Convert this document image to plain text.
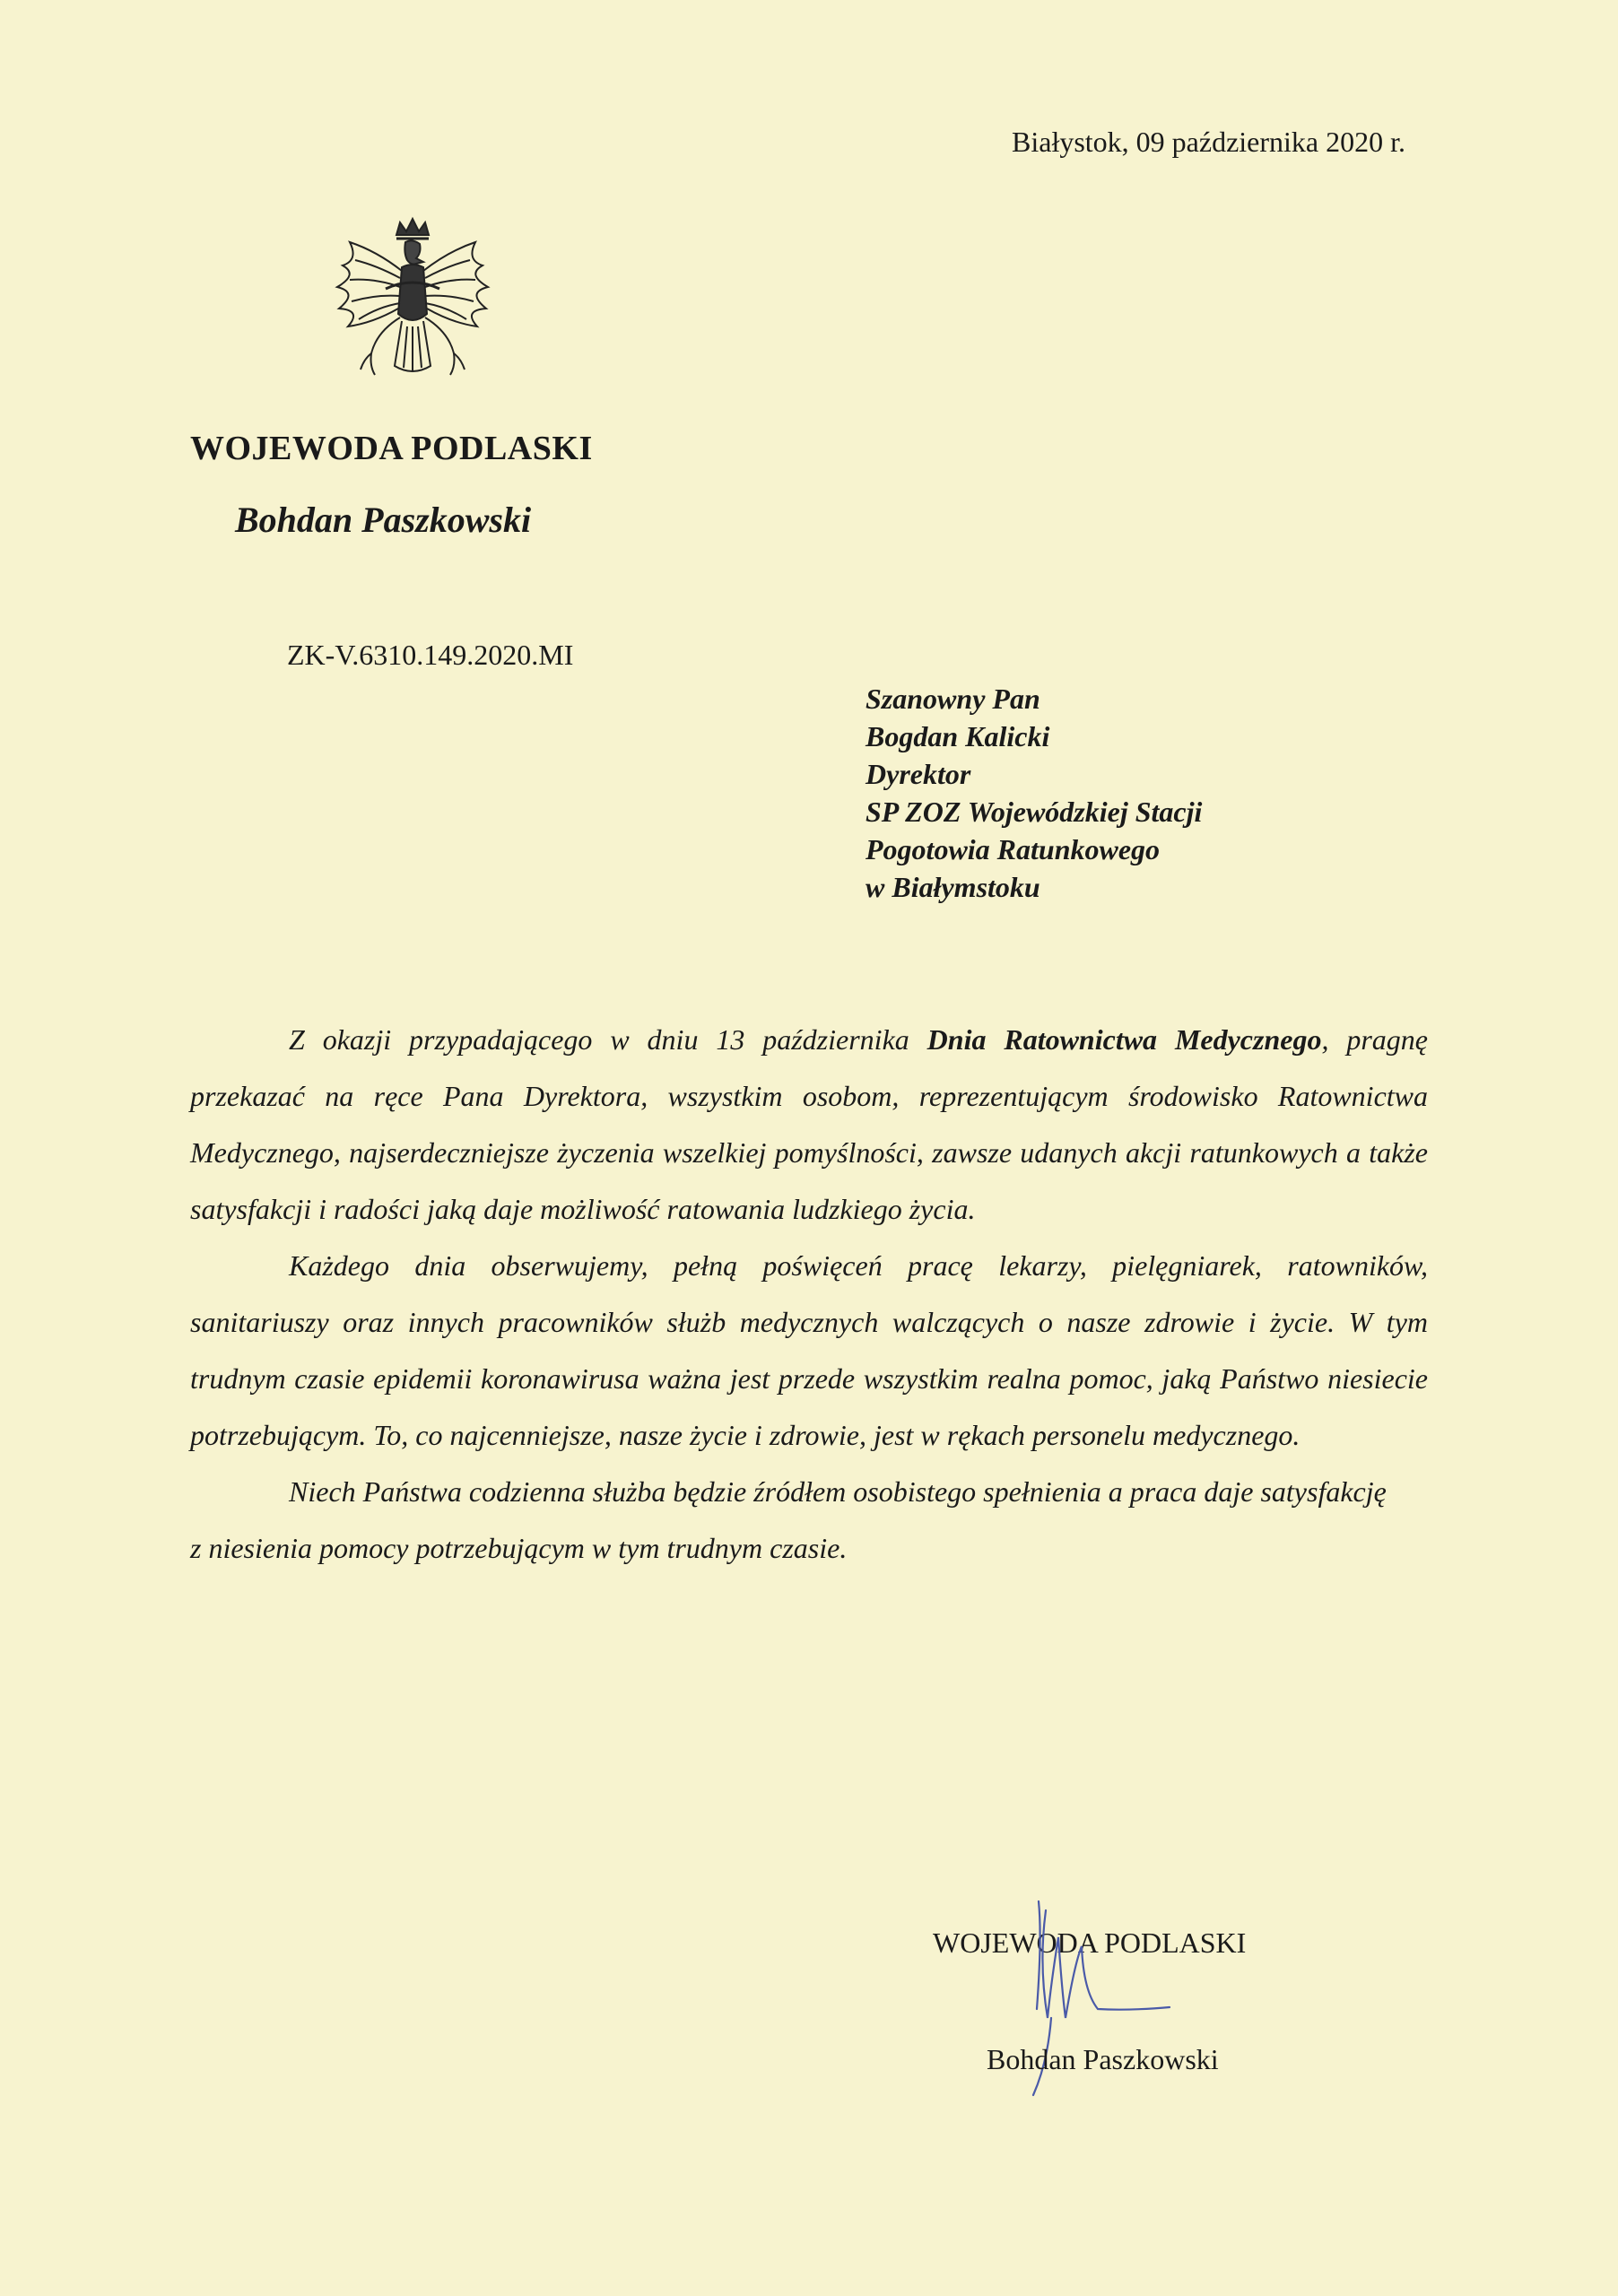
Białystok, 09 października 2020 r.
WOJEWODA PODLASKI
Bohdan Paszkowski
ZK-V.6310.149.2020.MI
Szanowny Pan
Bogdan Kalicki
Dyrektor
SP ZOZ Wojewódzkiej Stacji
Pogotowia Ratunkowego
w Białymstoku

Z okazji przypadającego w dniu 13 października Dnia Ratownictwa Medycznego, pragnę przekazać na ręce Pana Dyrektora, wszystkim osobom, reprezentującym środowisko Ratownictwa Medycznego, najserdeczniejsze życzenia wszelkiej pomyślności, zawsze udanych akcji ratunkowych a także satysfakcji i radości jaką daje możliwość ratowania ludzkiego życia.

Każdego dnia obserwujemy, pełną poświęceń pracę lekarzy, pielęgniarek, ratowników, sanitariuszy oraz innych pracowników służb medycznych walczących o nasze zdrowie i życie. W tym trudnym czasie epidemii koronawirusa ważna jest przede wszystkim realna pomoc, jaką Państwo niesiecie potrzebującym. To, co najcenniejsze, nasze życie i zdrowie, jest w rękach personelu medycznego.

Niech Państwa codzienna służba będzie źródłem osobistego spełnienia a praca daje satysfakcję

z niesienia pomocy potrzebującym w tym trudnym czasie.

WOJEWODA PODLASKI
Bohdan Paszkowski
